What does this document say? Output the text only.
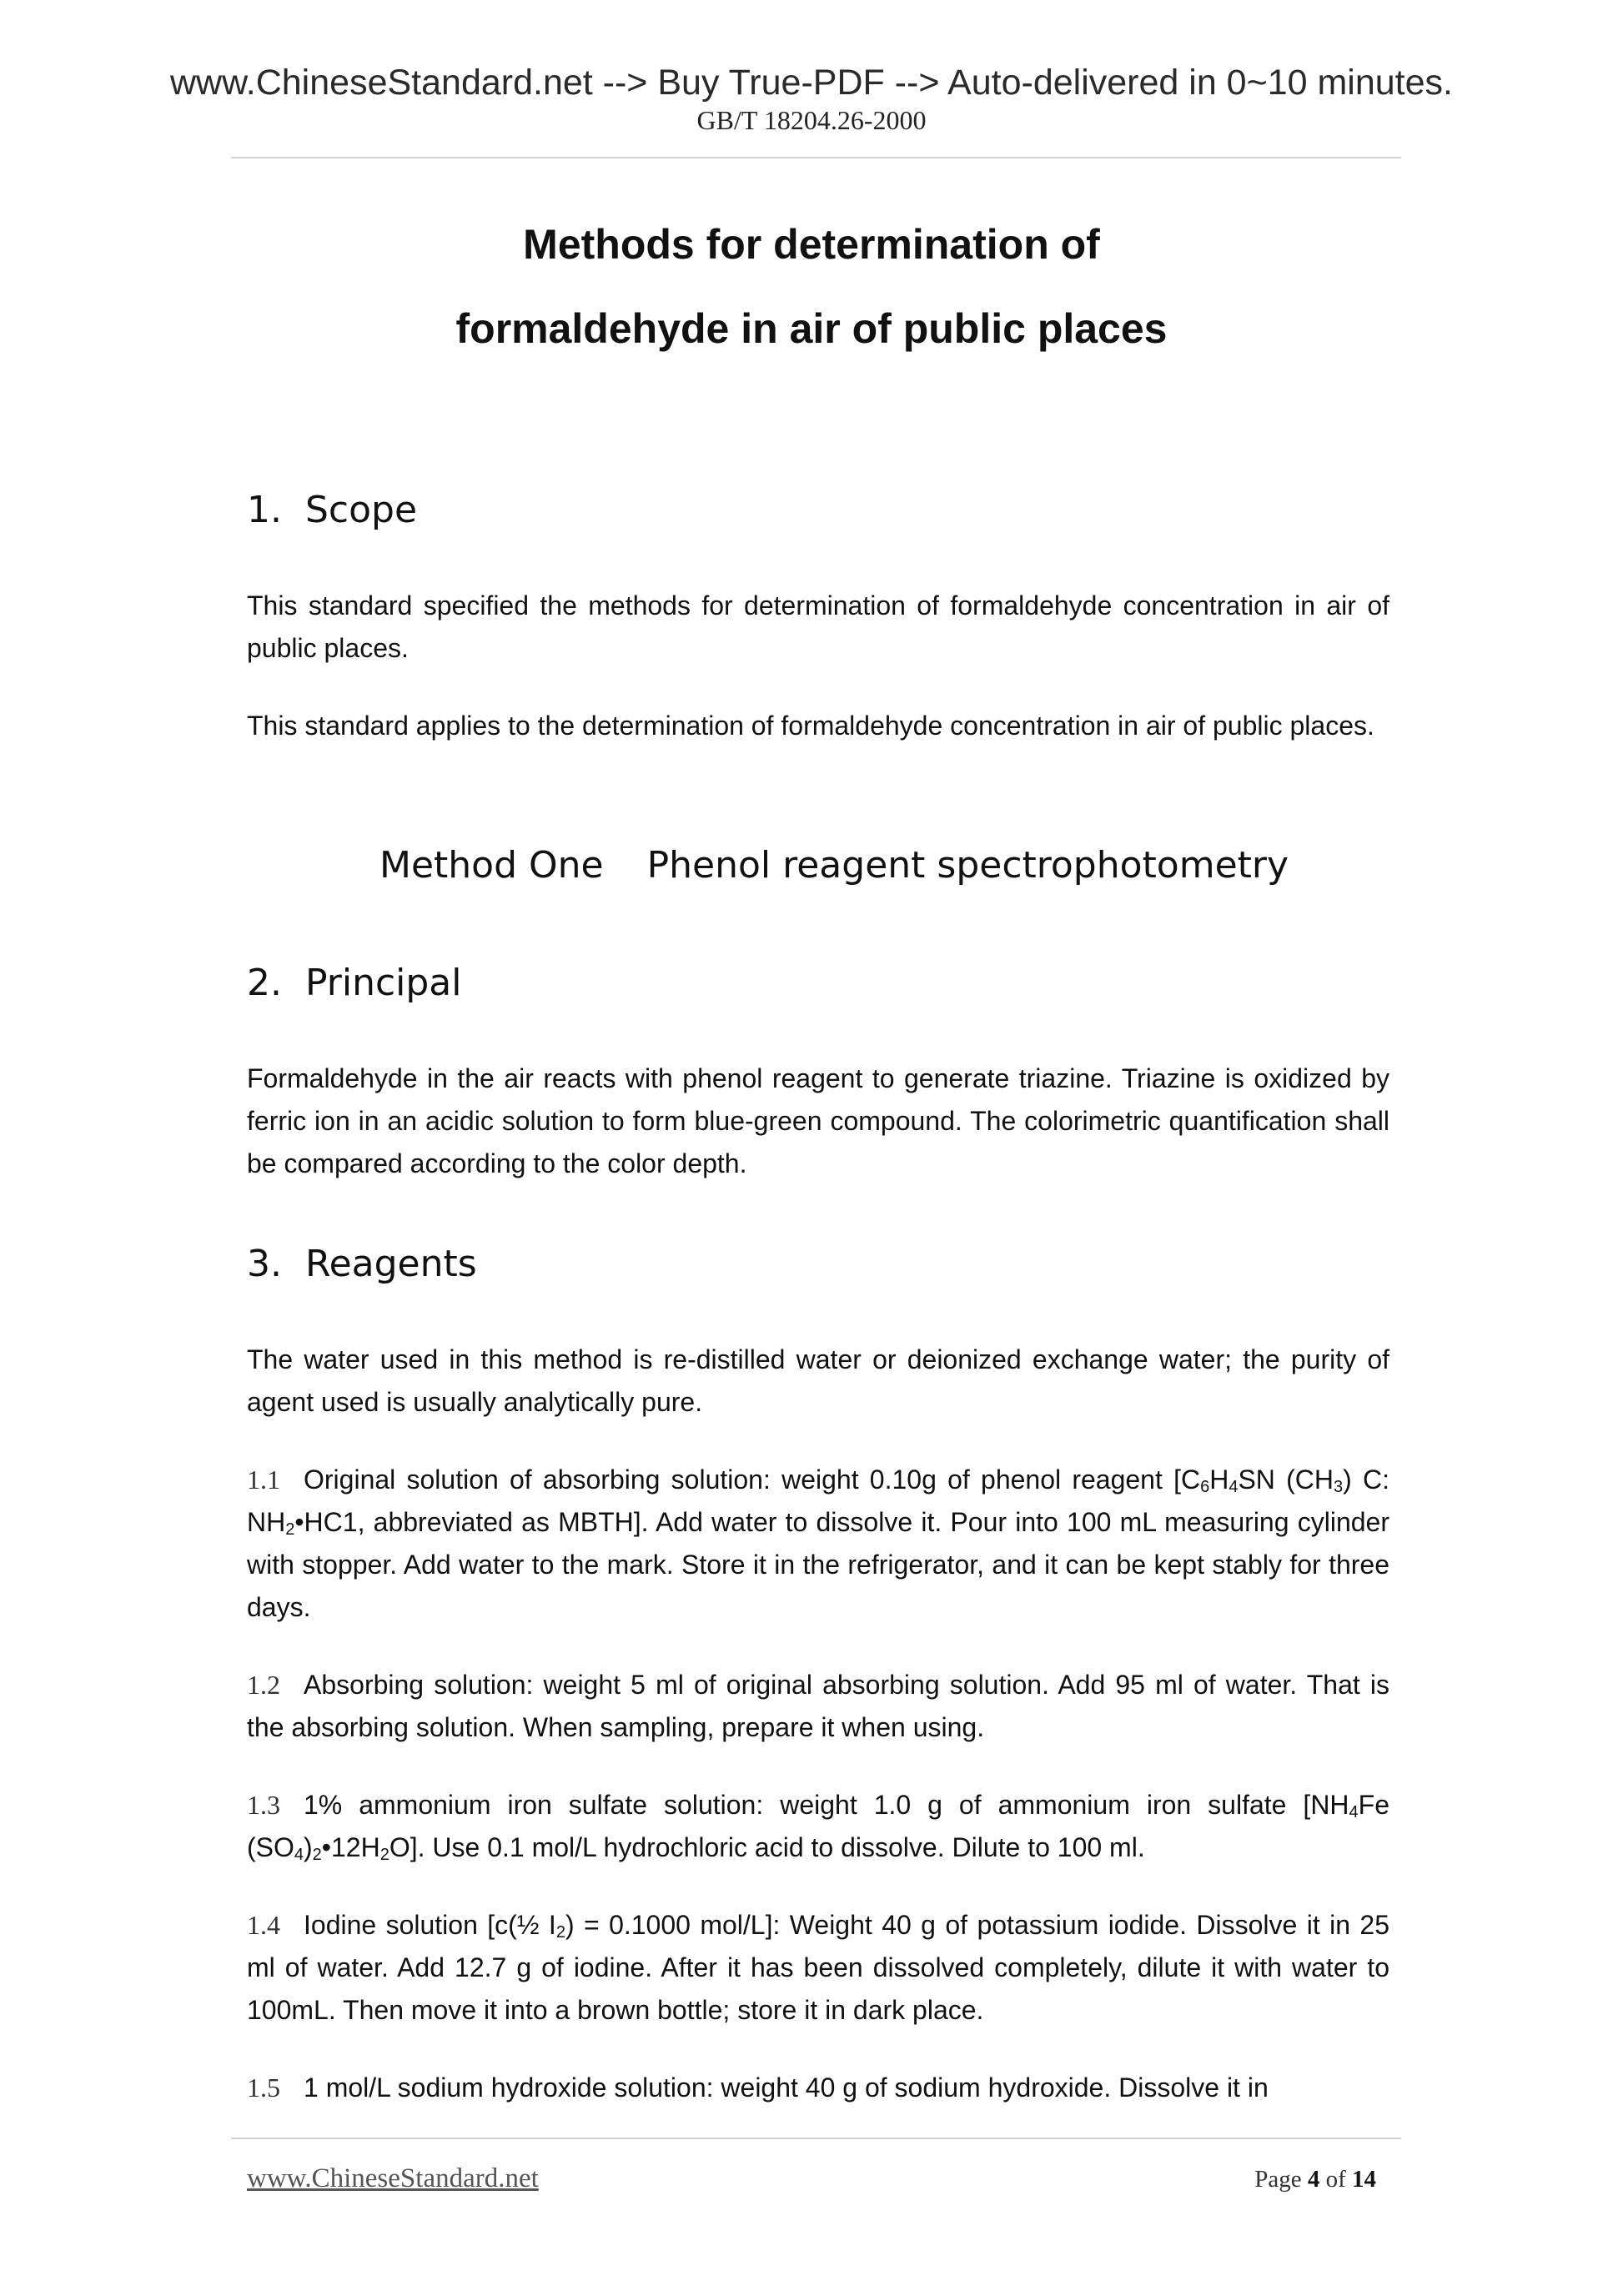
www.ChineseStandard.net --> Buy True-PDF --> Auto-delivered in 0~10 minutes.
GB/T 18204.26-2000
Methods for determination of
formaldehyde in air of public places
1. Scope
This standard specified the methods for determination of formaldehyde concentration in air of public places.
This standard applies to the determination of formaldehyde concentration in air of public places.
Method One Phenol reagent spectrophotometry
2. Principal
Formaldehyde in the air reacts with phenol reagent to generate triazine. Triazine is oxidized by ferric ion in an acidic solution to form blue-green compound. The colorimetric quantification shall be compared according to the color depth.
3. Reagents
The water used in this method is re-distilled water or deionized exchange water; the purity of agent used is usually analytically pure.
1.1 Original solution of absorbing solution: weight 0.10g of phenol reagent [$C_6H_4SN$ $(CH_3)$ C: $NH_2•HC1$, abbreviated as MBTH]. Add water to dissolve it. Pour into 100 mL measuring cylinder with stopper. Add water to the mark. Store it in the refrigerator, and it can be kept stably for three days.
1.2 Absorbing solution: weight 5 ml of original absorbing solution. Add 95 ml of water. That is the absorbing solution. When sampling, prepare it when using.
1.3 1% ammonium iron sulfate solution: weight 1.0 g of ammonium iron sulfate [$NH_4Fe$ $(SO_4)_2•12H_2O$]. Use 0.1 mol/L hydrochloric acid to dissolve. Dilute to 100 ml.
1.4 Iodine solution [c(½ $I_2) = 0.1000$ mol/L]: Weight 40 g of potassium iodide. Dissolve it in 25 ml of water. Add 12.7 g of iodine. After it has been dissolved completely, dilute it with water to 100mL. Then move it into a brown bottle; store it in dark place.
1.5 1 mol/L sodium hydroxide solution: weight 40 g of sodium hydroxide. Dissolve it in
www.ChineseStandard.net	Page 4 of 14
